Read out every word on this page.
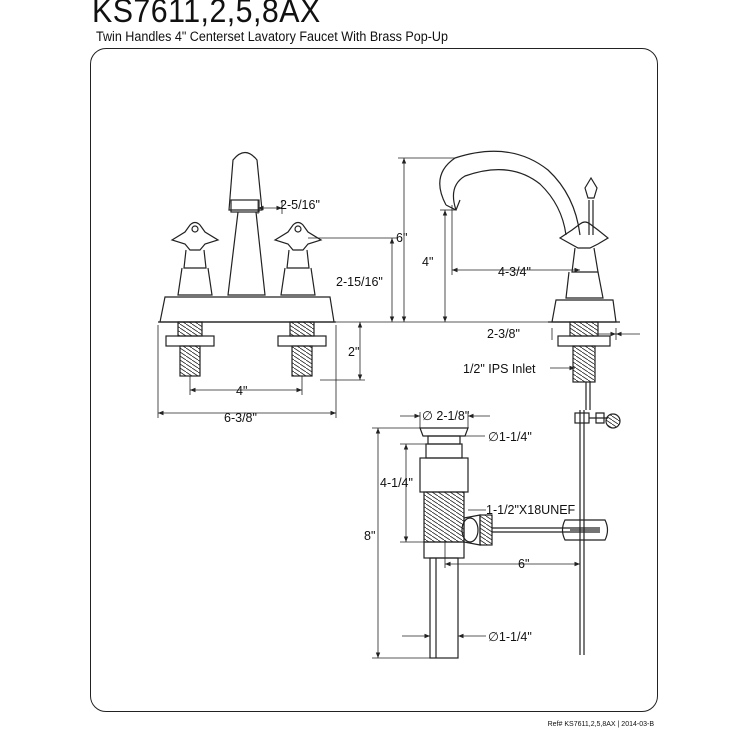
KS7611,2,5,8AX
Twin Handles 4" Centerset Lavatory Faucet With Brass Pop-Up
2-5/16"
2-15/16"
2"
4"
6-3/8"
6"
4"
4-3/4"
2-3/8"
1/2" IPS Inlet
∅ 2-1/8"
∅1-1/4"
4-1/4"
1-1/2"X18UNEF
8"
6"
∅1-1/4"
Ref# KS7611,2,5,8AX | 2014-03-B
